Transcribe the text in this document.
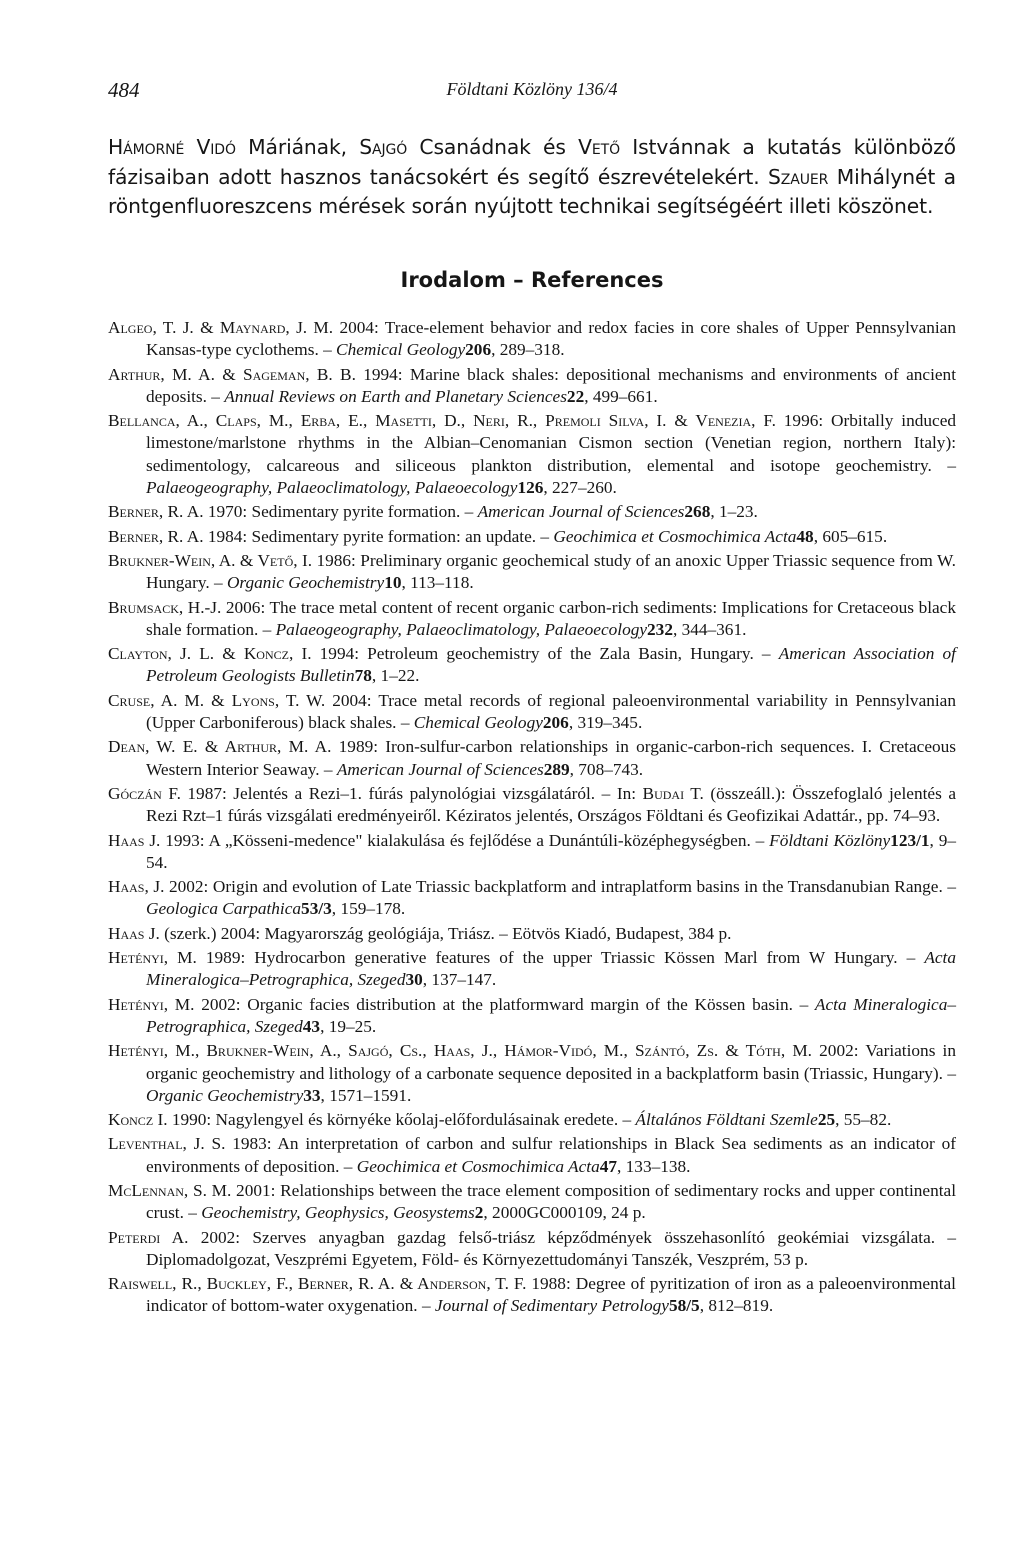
484	Földtani Közlöny 136/4

Hámorné Vidó Máriának, Sajgó Csanádnak és Vető Istvánnak a kutatás különböző fázisaiban adott hasznos tanácsokért és segítő észrevételekért. Szauer Mihálynét a röntgenfluoreszcens mérések során nyújtott technikai segítségéért illeti köszönet.

Irodalom – References
Algeo, T. J. & Maynard, J. M. 2004: Trace-element behavior and redox facies in core shales of Upper Pennsylvanian Kansas-type cyclothems. – Chemical Geology206, 289–318.
Arthur, M. A. & Sageman, B. B. 1994: Marine black shales: depositional mechanisms and environments of ancient deposits. – Annual Reviews on Earth and Planetary Sciences22, 499–661.
Bellanca, A., Claps, M., Erba, E., Masetti, D., Neri, R., Premoli Silva, I. & Venezia, F. 1996: Orbitally induced limestone/marlstone rhythms in the Albian–Cenomanian Cismon section (Venetian region, northern Italy): sedimentology, calcareous and siliceous plankton distribution, elemental and isotope geochemistry. – Palaeogeography, Palaeoclimatology, Palaeoecology126, 227–260.
Berner, R. A. 1970: Sedimentary pyrite formation. – American Journal of Sciences268, 1–23.
Berner, R. A. 1984: Sedimentary pyrite formation: an update. – Geochimica et Cosmochimica Acta48, 605–615.
Brukner-Wein, A. & Vető, I. 1986: Preliminary organic geochemical study of an anoxic Upper Triassic sequence from W. Hungary. – Organic Geochemistry10, 113–118.
Brumsack, H.-J. 2006: The trace metal content of recent organic carbon-rich sediments: Implications for Cretaceous black shale formation. – Palaeogeography, Palaeoclimatology, Palaeoecology232, 344–361.
Clayton, J. L. & Koncz, I. 1994: Petroleum geochemistry of the Zala Basin, Hungary. – American Association of Petroleum Geologists Bulletin78, 1–22.
Cruse, A. M. & Lyons, T. W. 2004: Trace metal records of regional paleoenvironmental variability in Pennsylvanian (Upper Carboniferous) black shales. – Chemical Geology206, 319–345.
Dean, W. E. & Arthur, M. A. 1989: Iron-sulfur-carbon relationships in organic-carbon-rich sequences. I. Cretaceous Western Interior Seaway. – American Journal of Sciences289, 708–743.
Góczán F. 1987: Jelentés a Rezi–1. fúrás palynológiai vizsgálatáról. – In: Budai T. (összeáll.): Összefoglaló jelentés a Rezi Rzt–1 fúrás vizsgálati eredményeiről. Kéziratos jelentés, Országos Földtani és Geofizikai Adattár., pp. 74–93.
Haas J. 1993: A „Kösseni-medence" kialakulása és fejlődése a Dunántúli-középhegységben. – Földtani Közlöny123/1, 9–54.
Haas, J. 2002: Origin and evolution of Late Triassic backplatform and intraplatform basins in the Transdanubian Range. – Geologica Carpathica53/3, 159–178.
Haas J. (szerk.) 2004: Magyarország geológiája, Triász. – Eötvös Kiadó, Budapest, 384 p.
Hetényi, M. 1989: Hydrocarbon generative features of the upper Triassic Kössen Marl from W Hungary. – Acta Mineralogica–Petrographica, Szeged30, 137–147.
Hetényi, M. 2002: Organic facies distribution at the platformward margin of the Kössen basin. – Acta Mineralogica–Petrographica, Szeged43, 19–25.
Hetényi, M., Brukner-Wein, A., Sajgó, Cs., Haas, J., Hámor-Vidó, M., Szántó, Zs. & Tóth, M. 2002: Variations in organic geochemistry and lithology of a carbonate sequence deposited in a backplatform basin (Triassic, Hungary). – Organic Geochemistry33, 1571–1591.
Koncz I. 1990: Nagylengyel és környéke kőolaj-előfordulásainak eredete. – Általános Földtani Szemle25, 55–82.
Leventhal, J. S. 1983: An interpretation of carbon and sulfur relationships in Black Sea sediments as an indicator of environments of deposition. – Geochimica et Cosmochimica Acta47, 133–138.
McLennan, S. M. 2001: Relationships between the trace element composition of sedimentary rocks and upper continental crust. – Geochemistry, Geophysics, Geosystems2, 2000GC000109, 24 p.
Peterdi A. 2002: Szerves anyagban gazdag felső-triász képződmények összehasonlító geokémiai vizsgálata. – Diplomadolgozat, Veszprémi Egyetem, Föld- és Környezettudományi Tanszék, Veszprém, 53 p.
Raiswell, R., Buckley, F., Berner, R. A. & Anderson, T. F. 1988: Degree of pyritization of iron as a paleoenvironmental indicator of bottom-water oxygenation. – Journal of Sedimentary Petrology58/5, 812–819.
